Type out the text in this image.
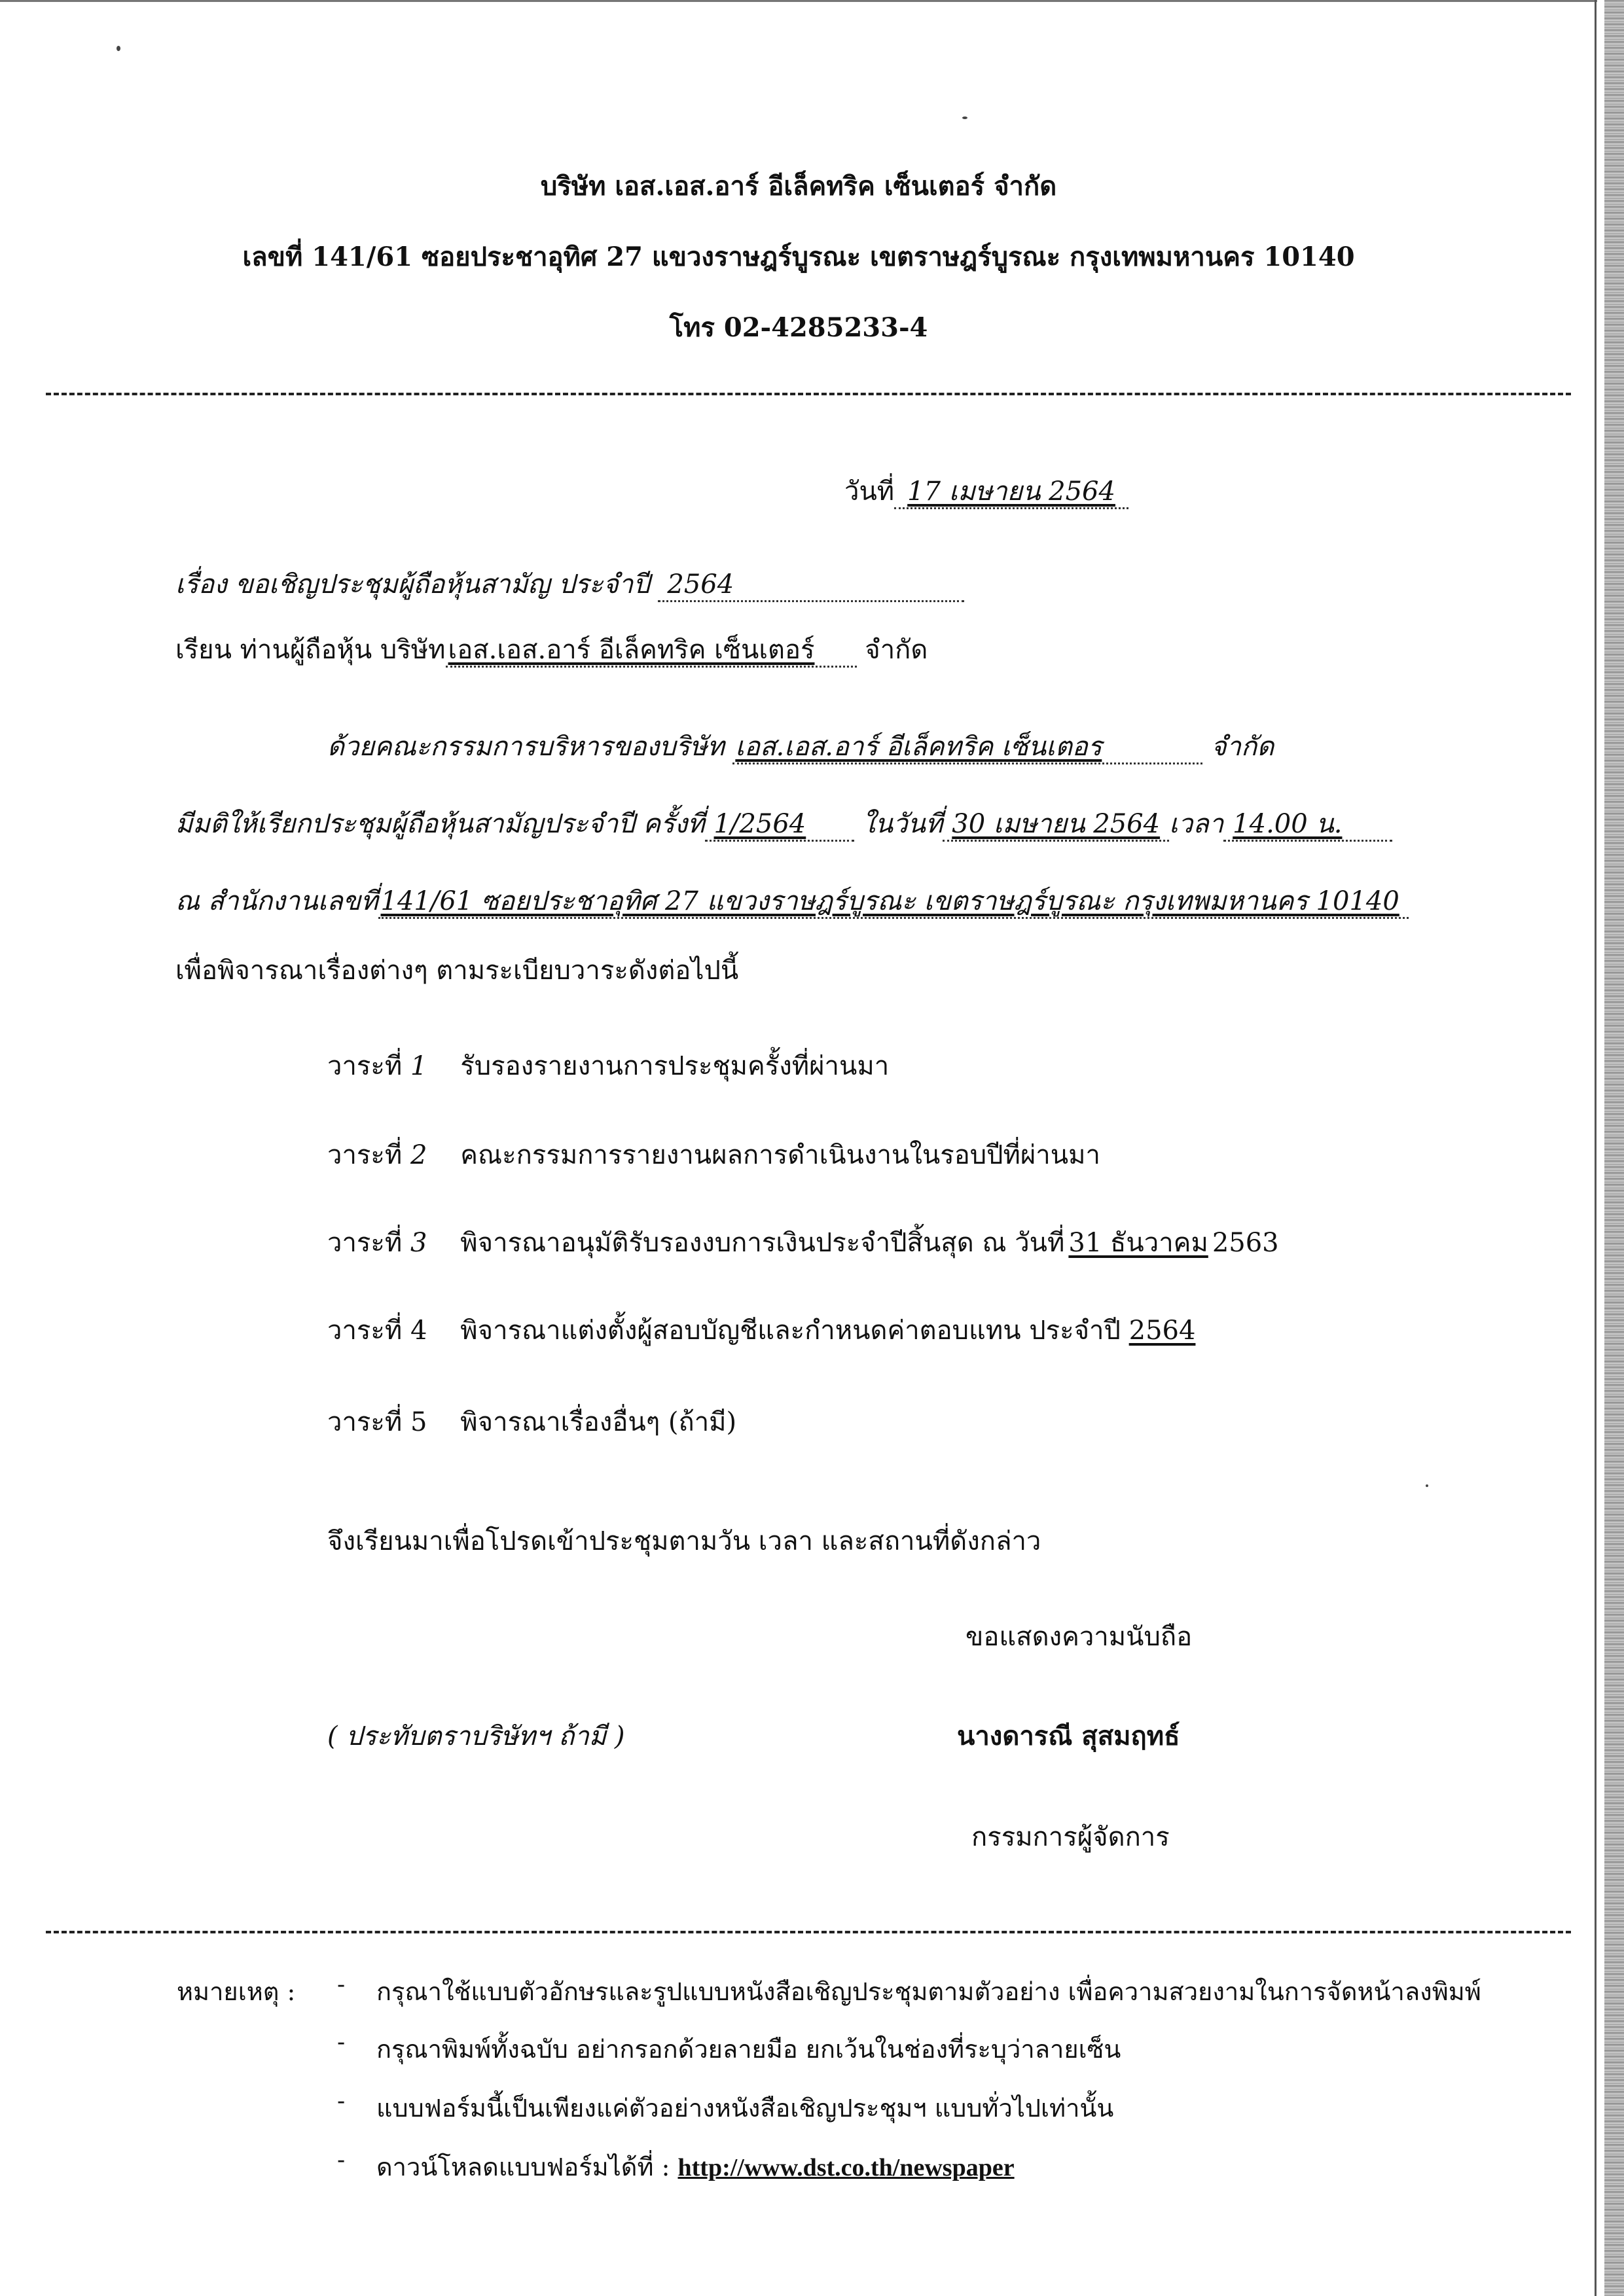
บริษัท เอส.เอส.อาร์ อีเล็คทริค เซ็นเตอร์ จำกัด
เลขที่ 141/61 ซอยประชาอุทิศ 27 แขวงราษฎร์บูรณะ เขตราษฎร์บูรณะ กรุงเทพมหานคร 10140
โทร 02-4285233-4
วันที่ 17 เมษายน 2564
เรื่อง ขอเชิญประชุมผู้ถือหุ้นสามัญ ประจำปี 2564
เรียน ท่านผู้ถือหุ้น บริษัท เอส.เอส.อาร์ อีเล็คทริค เซ็นเตอร์ จำกัด
ด้วยคณะกรรมการบริหารของบริษัท เอส.เอส.อาร์ อีเล็คทริค เซ็นเตอร	จำกัด
มีมติให้เรียกประชุมผู้ถือหุ้นสามัญประจำปี ครั้งที่ 1/2564 ในวันที่ 30 เมษายน 2564 เวลา 14.00 น.
ณ สำนักงานเลขที่ 141/61 ซอยประชาอุทิศ 27 แขวงราษฎร์บูรณะ เขตราษฎร์บูรณะ กรุงเทพมหานคร 10140
เพื่อพิจารณาเรื่องต่างๆ ตามระเบียบวาระดังต่อไปนี้
วาระที่ 1 รับรองรายงานการประชุมครั้งที่ผ่านมา
วาระที่ 2 คณะกรรมการรายงานผลการดำเนินงานในรอบปีที่ผ่านมา
วาระที่ 3 พิจารณาอนุมัติรับรองงบการเงินประจำปีสิ้นสุด ณ วันที่ 31 ธันวาคม 2563
วาระที่ 4 พิจารณาแต่งตั้งผู้สอบบัญชีและกำหนดค่าตอบแทน ประจำปี 2564
วาระที่ 5 พิจารณาเรื่องอื่นๆ (ถ้ามี)
จึงเรียนมาเพื่อโปรดเข้าประชุมตามวัน เวลา และสถานที่ดังกล่าว
ขอแสดงความนับถือ
( ประทับตราบริษัทฯ ถ้ามี )	นางดารณี สุสมฤทธ์
กรรมการผู้จัดการ
หมายเหตุ : - กรุณาใช้แบบตัวอักษรและรูปแบบหนังสือเชิญประชุมตามตัวอย่าง เพื่อความสวยงามในการจัดหน้าลงพิมพ์
- กรุณาพิมพ์ทั้งฉบับ อย่ากรอกด้วยลายมือ ยกเว้นในช่องที่ระบุว่าลายเซ็น
- แบบฟอร์มนี้เป็นเพียงแค่ตัวอย่างหนังสือเชิญประชุมฯ แบบทั่วไปเท่านั้น
- ดาวน์โหลดแบบฟอร์มได้ที่ : http://www.dst.co.th/newspaper
